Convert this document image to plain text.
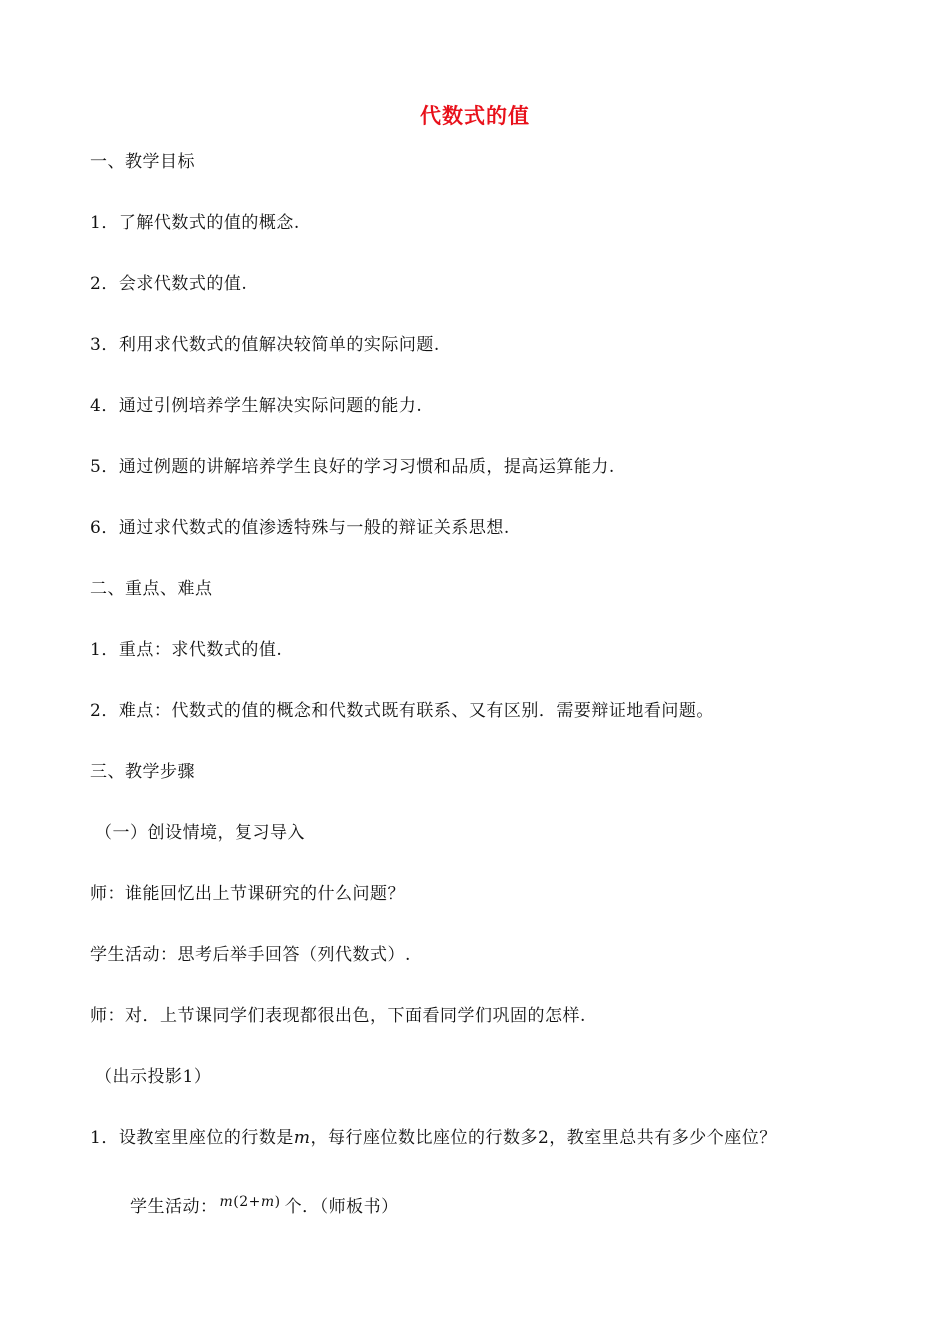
代数式的值
一、教学目标
1．了解代数式的值的概念.
2．会求代数式的值.
3．利用求代数式的值解决较简单的实际问题.
4．通过引例培养学生解决实际问题的能力.
5．通过例题的讲解培养学生良好的学习习惯和品质，提高运算能力.
6．通过求代数式的值渗透特殊与一般的辩证关系思想.
二、重点、难点
1．重点：求代数式的值.
2．难点：代数式的值的概念和代数式既有联系、又有区别．需要辩证地看问题。
三、教学步骤
（一）创设情境，复习导入
师：谁能回忆出上节课研究的什么问题？
学生活动：思考后举手回答（列代数式）.
师：对．上节课同学们表现都很出色，下面看同学们巩固的怎样.
（出示投影1）
1．设教室里座位的行数是m，每行座位数比座位的行数多2，教室里总共有多少个座位？
学生活动： m(2+m) 个．（师板书）
